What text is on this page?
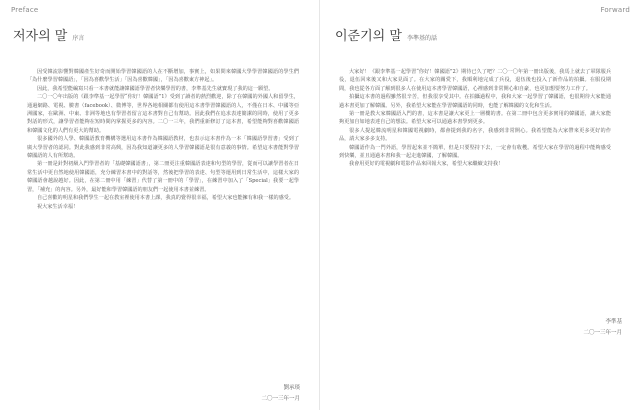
Preface
저자의 말 序言

因受韓流影響對韓國產生好奇而開始學習韓國語的人在不斷增加，事實上，如果問來韓國大學學習韓國語的學生們「為什麼學習韓國語」，「因為喜歡學生活」「因為喜歡韓國」，「因為喜歡東方神起」。

因此，我希望能編寫只看一本書就能讓韓國語學習者快樂學習的書，李準基先生就寶現了我的這一願望。

二〇一〇年出版的《跟李準基一起學習“你好！韓國語”1》受到了讀者的熱烈歡迎，除了在韓國的外國人和留學生，通過網路、電視、臉書（facebook）、微博等，世界各地相關都有使用這本書學習韓國語的人，不僅在日本、中國等亞洲國家，在歐洲、中東、非洲等地也有學習者留言這本書對自己有幫助。因此我們在追求表達簡潔的同時，使用了更多對話的形式，讓學習者能夠在短時間內掌握更多的內容。二〇一三年，我們重新修訂了這本書，希望能夠對喜歡韓國語和韓國文化的人們有更大的幫助。

很多國外的人學、韓國語教育機構等選用這本書作為韓國語教材，也表示這本書作為一本「韓國語學習書」受到了廣大學習者的認同。對此我感到非常高興，因為我知道讓更多的人學習韓國語是很有意義的事情。希望這本書能對學習韓國語的人有所幫助。

第一冊是針對初級入門學習者的「基礎韓國語書」，第二冊更注重韓國語表達和句型的學習，從而可以讓學習者在日常生活中更自然地使用韓國語，充分練習本書中的對話等，然後把學習的表達、句型等運用到日常生活中，這樣大家的韓國語會越說越好。因此，在第二冊中用「練習」代替了第一冊中的「學習」，在練習中加入了「Special」我要一起學習，「補充」的內容。另外，最好能和學習韓國語的朋友們一起使用本書並練習。

自己喜歡的明星和我們學生一起在教室裡使用本書上課，我真的覺得很幸福，希望大家也能擁有和我一樣的感受。

祝大家生活幸福！

劉承琰
二〇一三年一月
Forward
이준기의 말 李準基的話

大家好！《跟李準基一起學習“你好！韓國語”2》期待已久了吧？二〇一〇年第一冊出版後，我馬上就去了軍隊服兵役，退伍回來後又和大家見面了。在大家的關愛下，我順利地完成了兵役，退伍後也投入了新作品的拍攝。在服役期間，我也從各方面了解到很多人在使用這本書學習韓國語，心裡感到非常開心和自豪，也更加想要努力工作了。

拍攝這本書的過程雖然很辛苦，但我很享受其中。在拍攝過程中，我和大家一起學習了韓國語，也很期待大家能通過本書更加了解韓國。另外，我希望大家能在學習韓國語的同時，也能了解韓國的文化和生活。

第一冊是教大家韓國語入門的書，這本書是讓大家更上一層樓的書。在第二冊中包含更多實用的韓國語，讓大家能夠更加自如地表達自己的想法。希望大家可以通過本書學到更多。

很多人提起韓流明星和韓國電視劇時，都會提到我的名字，我感到非常開心。我希望能為大家帶來更多更好的作品，請大家多多支持。

韓國語作為一門外語，學習起來並不簡單，但是只要堅持下去，一定會有收穫。希望大家在學習的過程中能夠感受到快樂，並且通過本書和我一起走進韓國，了解韓國。

我會用更好的電視劇和電影作品來回報大家，希望大家繼續支持我！

李準基
二〇一三年一月
